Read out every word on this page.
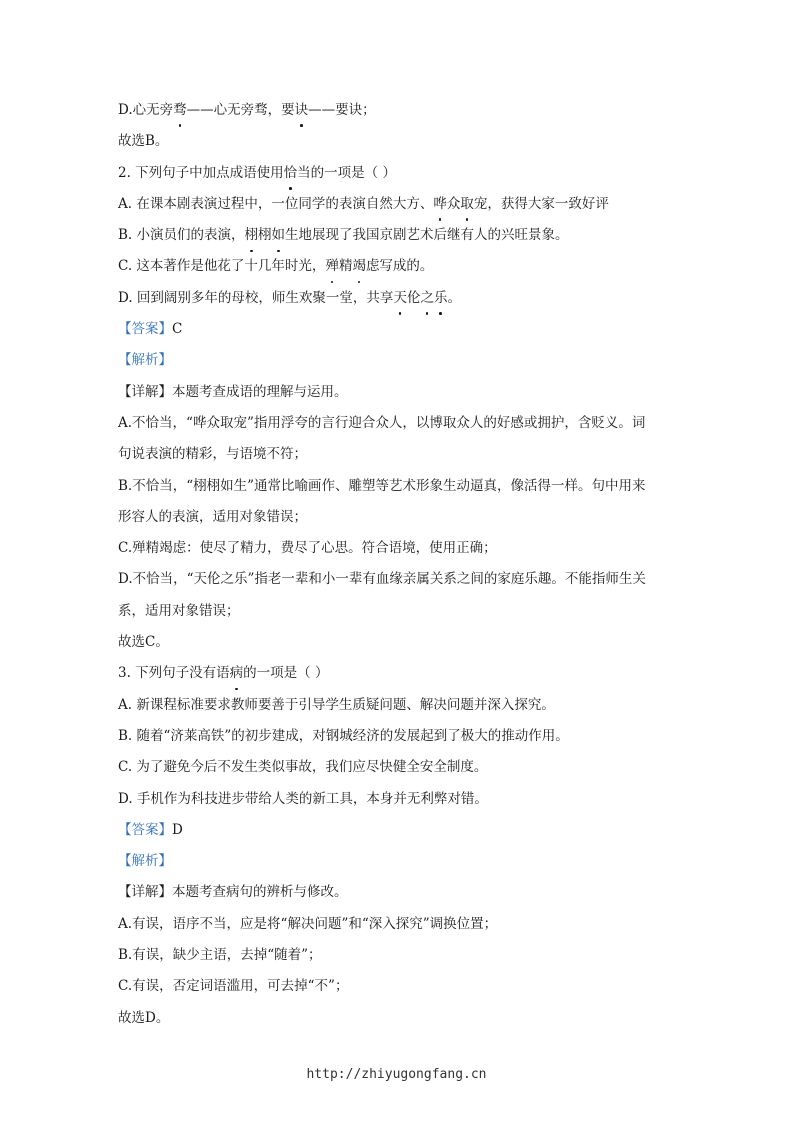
D.心无旁骛——心无旁骛，要诀——要诀；
故选B。
2. 下列句子中加点成语使用恰当的一项是（ ）
A. 在课本剧表演过程中，一位同学的表演自然大方、哗众取宠，获得大家一致好评
B. 小演员们的表演，栩栩如生地展现了我国京剧艺术后继有人的兴旺景象。
C. 这本著作是他花了十几年时光，殚精竭虑写成的。
D. 回到阔别多年的母校，师生欢聚一堂，共享天伦之乐。
【答案】C
【解析】
【详解】本题考查成语的理解与运用。
A.不恰当，“哗众取宠”指用浮夸的言行迎合众人，以博取众人的好感或拥护，含贬义。词
句说表演的精彩，与语境不符；
B.不恰当，“栩栩如生”通常比喻画作、雕塑等艺术形象生动逼真，像活得一样。句中用来
形容人的表演，适用对象错误；
C.殚精竭虑：使尽了精力，费尽了心思。符合语境，使用正确；
D.不恰当，“天伦之乐”指老一辈和小一辈有血缘亲属关系之间的家庭乐趣。不能指师生关
系，适用对象错误；
故选C。
3. 下列句子没有语病的一项是（ ）
A. 新课程标准要求教师要善于引导学生质疑问题、解决问题并深入探究。
B. 随着“济莱高铁”的初步建成，对钢城经济的发展起到了极大的推动作用。
C. 为了避免今后不发生类似事故，我们应尽快健全安全制度。
D. 手机作为科技进步带给人类的新工具，本身并无利弊对错。
【答案】D
【解析】
【详解】本题考查病句的辨析与修改。
A.有误，语序不当，应是将“解决问题”和“深入探究”调换位置；
B.有误，缺少主语，去掉“随着”；
C.有误，否定词语滥用，可去掉“不”；
故选D。
http://zhiyugongfang.cn
